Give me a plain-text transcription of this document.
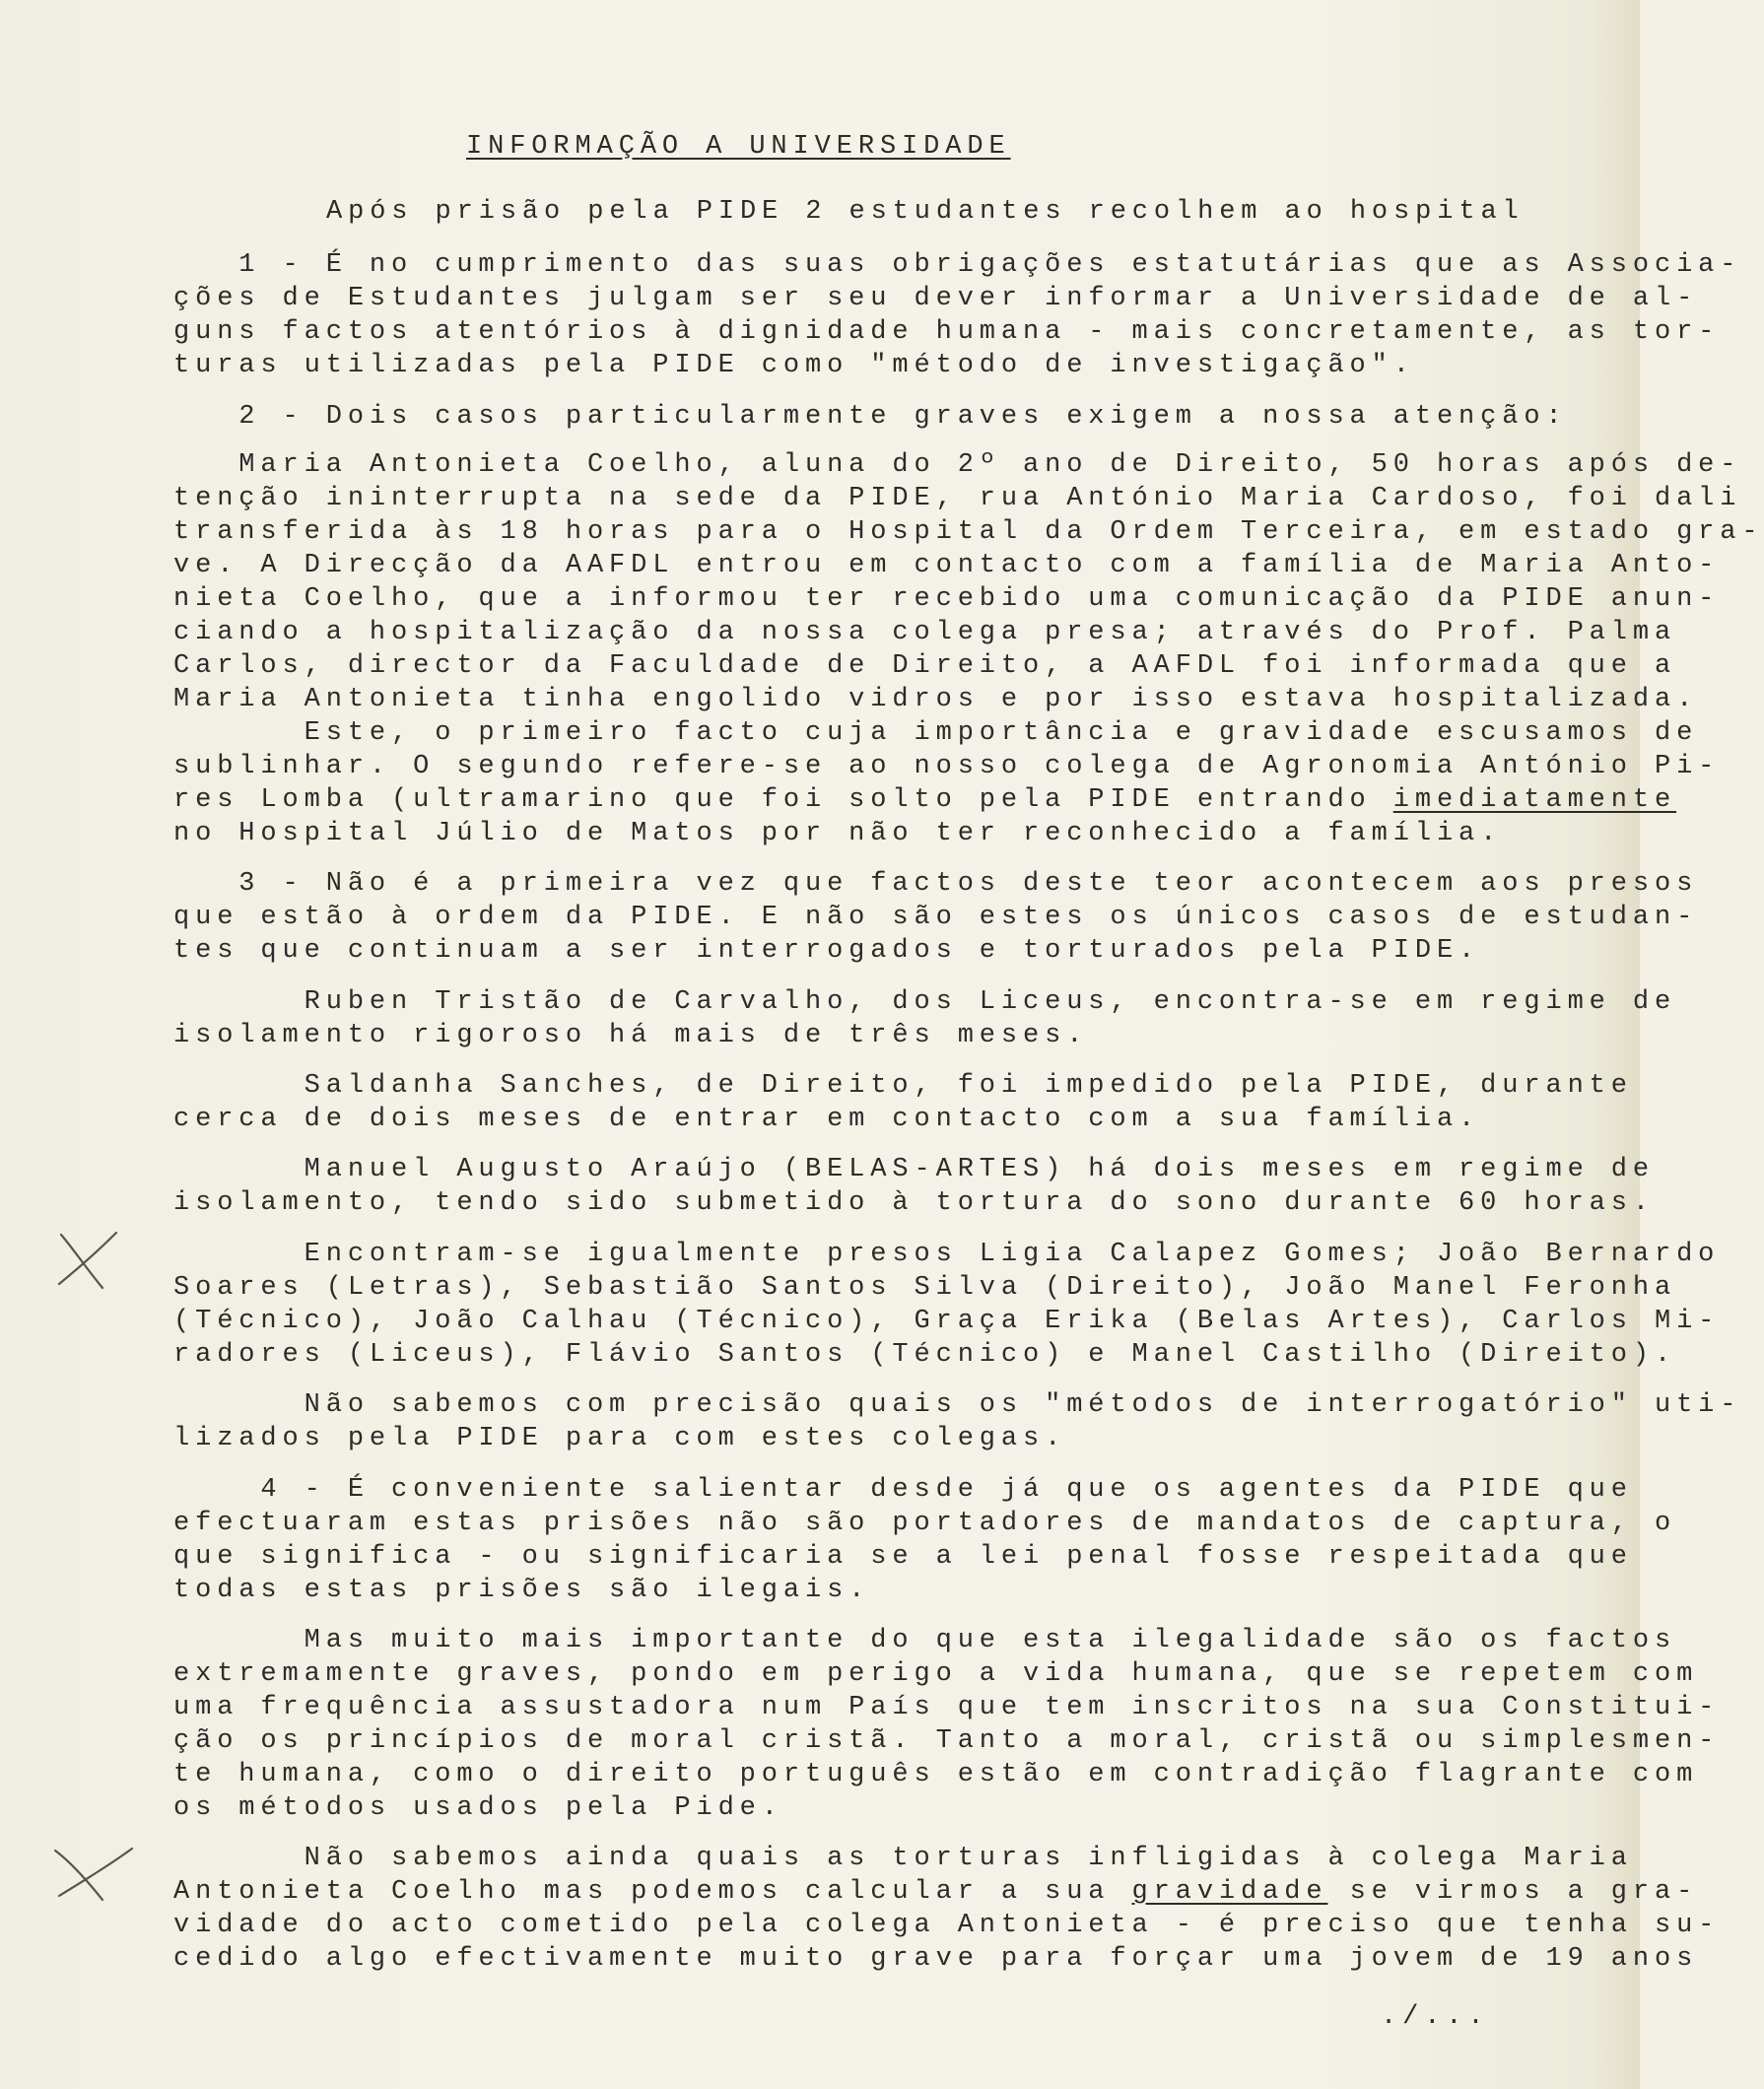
INFORMAÇÃO A UNIVERSIDADE
Após prisão pela PIDE 2 estudantes recolhem ao hospital
1 - É no cumprimento das suas obrigações estatutárias que as Associa-
ções de Estudantes julgam ser seu dever informar a Universidade de al-
guns factos atentórios à dignidade humana - mais concretamente, as tor-
turas utilizadas pela PIDE como "método de investigação".
2 - Dois casos particularmente graves exigem a nossa atenção:
Maria Antonieta Coelho, aluna do 2º ano de Direito, 50 horas após de-
tenção ininterrupta na sede da PIDE, rua António Maria Cardoso, foi dali
transferida às 18 horas para o Hospital da Ordem Terceira, em estado gra-
ve. A Direcção da AAFDL entrou em contacto com a família de Maria Anto-
nieta Coelho, que a informou ter recebido uma comunicação da PIDE anun-
ciando a hospitalização da nossa colega presa; através do Prof. Palma
Carlos, director da Faculdade de Direito, a AAFDL foi informada que a
Maria Antonieta tinha engolido vidros e por isso estava hospitalizada.
Este, o primeiro facto cuja importância e gravidade escusamos de
sublinhar. O segundo refere-se ao nosso colega de Agronomia António Pi-
res Lomba (ultramarino que foi solto pela PIDE entrando imediatamente
no Hospital Júlio de Matos por não ter reconhecido a família.
3 - Não é a primeira vez que factos deste teor acontecem aos presos
que estão à ordem da PIDE. E não são estes os únicos casos de estudan-
tes que continuam a ser interrogados e torturados pela PIDE.
Ruben Tristão de Carvalho, dos Liceus, encontra-se em regime de
isolamento rigoroso há mais de três meses.
Saldanha Sanches, de Direito, foi impedido pela PIDE, durante
cerca de dois meses de entrar em contacto com a sua família.
Manuel Augusto Araújo (BELAS-ARTES) há dois meses em regime de
isolamento, tendo sido submetido à tortura do sono durante 60 horas.
Encontram-se igualmente presos Ligia Calapez Gomes; João Bernardo
Soares (Letras), Sebastião Santos Silva (Direito), João Manel Feronha
(Técnico), João Calhau (Técnico), Graça Erika (Belas Artes), Carlos Mi-
radores (Liceus), Flávio Santos (Técnico) e Manel Castilho (Direito).
Não sabemos com precisão quais os "métodos de interrogatório" uti-
lizados pela PIDE para com estes colegas.
4 - É conveniente salientar desde já que os agentes da PIDE que
efectuaram estas prisões não são portadores de mandatos de captura, o
que significa - ou significaria se a lei penal fosse respeitada que
todas estas prisões são ilegais.
Mas muito mais importante do que esta ilegalidade são os factos
extremamente graves, pondo em perigo a vida humana, que se repetem com
uma frequência assustadora num País que tem inscritos na sua Constitui-
ção os princípios de moral cristã. Tanto a moral, cristã ou simplesmen-
te humana, como o direito português estão em contradição flagrante com
os métodos usados pela Pide.
Não sabemos ainda quais as torturas infligidas à colega Maria
Antonieta Coelho mas podemos calcular a sua gravidade se virmos a gra-
vidade do acto cometido pela colega Antonieta - é preciso que tenha su-
cedido algo efectivamente muito grave para forçar uma jovem de 19 anos
./...
